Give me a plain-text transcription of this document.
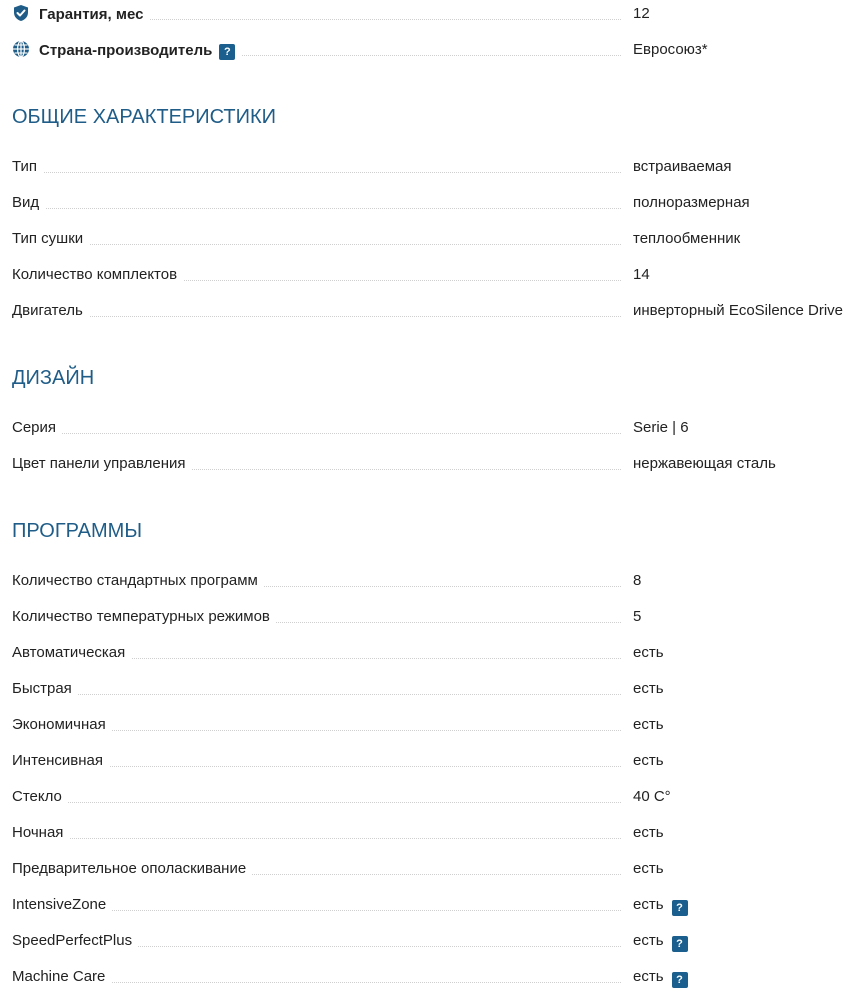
Гарантия, мес	12
Страна-производитель ?	Евросоюз*
ОБЩИЕ ХАРАКТЕРИСТИКИ
Тип	встраиваемая
Вид	полноразмерная
Тип сушки	теплообменник
Количество комплектов	14
Двигатель	инверторный EcoSilence Drive
ДИЗАЙН
Серия	Serie | 6
Цвет панели управления	нержавеющая сталь
ПРОГРАММЫ
Количество стандартных программ	8
Количество температурных режимов	5
Автоматическая	есть
Быстрая	есть
Экономичная	есть
Интенсивная	есть
Стекло	40 C°
Ночная	есть
Предварительное ополаскивание	есть
IntensiveZone	есть ?
SpeedPerfectPlus	есть ?
Machine Care	есть ?
